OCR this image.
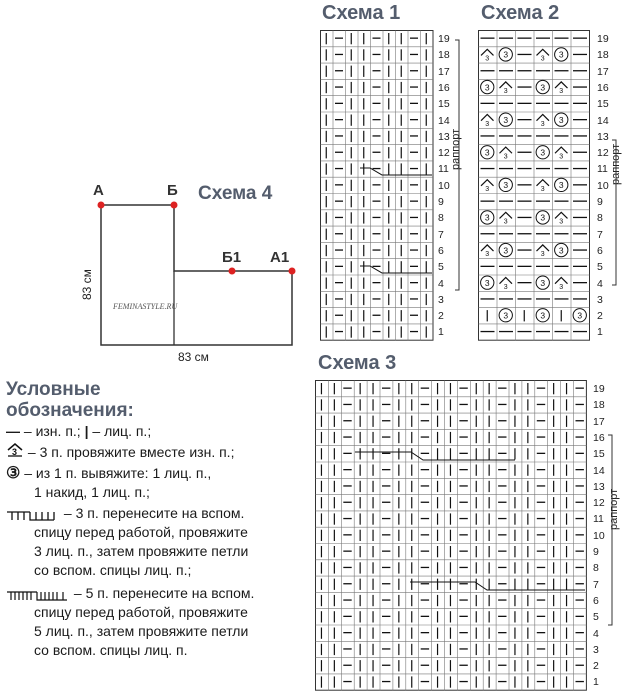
Схема 1
19
18
17
16
15
14
13
12
11
10
9
8
7
6
5
4
3
2
1
раппорт
Схема 2
3 3	3 3
3 3	3 3
3 3	3 3
3 3	3 3
3 3	3 3
3 3	3 3
3 3	3 3
3 3	3 3
3	3	3
19
18
17
16
15
14
13
12
11
10
9
8
7
6
5
4
3
2
1
раппорт
Схема 3
19
18
17
16
15
14
13
12
11
10
9
8
7
6
5
4
3
2
1
раппорт
Схема 4
А	Б
Б1 А1
83 см
83 см
FEMINASTYLE.RU
Условные
обозначения:
— – изн. п.; | – лиц. п.;
3 – 3 п. провяжите вместе изн. п.;
③ – из 1 п. вывяжите: 1 лиц. п.,
1 накид, 1 лиц. п.;
– 3 п. перенесите на вспом.
спицу перед работой, провяжите
3 лиц. п., затем провяжите петли
со вспом. спицы лиц. п.;
– 5 п. перенесите на вспом.
спицу перед работой, провяжите
5 лиц. п., затем провяжите петли
со вспом. спицы лиц. п.
